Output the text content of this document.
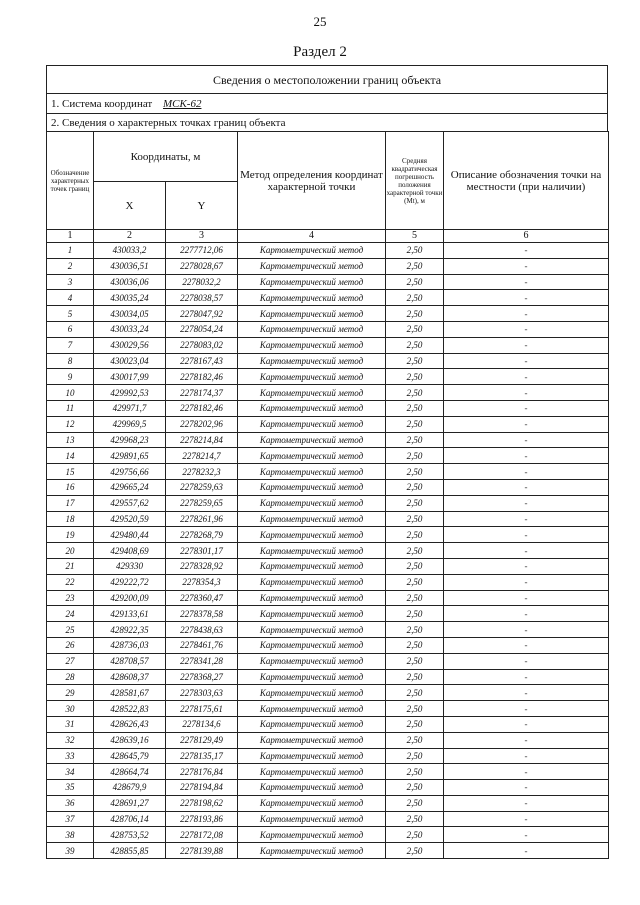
25
Раздел 2
Сведения о местоположении границ объекта
1. Система координат МСК-62
2. Сведения о характерных точках границ объекта
Обозначение характерных точек границ	Координаты, м		Метод определения координат характерной точки	Средняя квадратическая погрешность положения характерной точки (Mt), м	Описание обозначения точки на местности (при наличии)
	X	Y			
1	2	3	4	5	6
1	430033,2	2277712,06	Картометрический метод	2,50	-
2	430036,51	2278028,67	Картометрический метод	2,50	-
3	430036,06	2278032,2	Картометрический метод	2,50	-
4	430035,24	2278038,57	Картометрический метод	2,50	-
5	430034,05	2278047,92	Картометрический метод	2,50	-
6	430033,24	2278054,24	Картометрический метод	2,50	-
7	430029,56	2278083,02	Картометрический метод	2,50	-
8	430023,04	2278167,43	Картометрический метод	2,50	-
9	430017,99	2278182,46	Картометрический метод	2,50	-
10	429992,53	2278174,37	Картометрический метод	2,50	-
11	429971,7	2278182,46	Картометрический метод	2,50	-
12	429969,5	2278202,96	Картометрический метод	2,50	-
13	429968,23	2278214,84	Картометрический метод	2,50	-
14	429891,65	2278214,7	Картометрический метод	2,50	-
15	429756,66	2278232,3	Картометрический метод	2,50	-
16	429665,24	2278259,63	Картометрический метод	2,50	-
17	429557,62	2278259,65	Картометрический метод	2,50	-
18	429520,59	2278261,96	Картометрический метод	2,50	-
19	429480,44	2278268,79	Картометрический метод	2,50	-
20	429408,69	2278301,17	Картометрический метод	2,50	-
21	429330	2278328,92	Картометрический метод	2,50	-
22	429222,72	2278354,3	Картометрический метод	2,50	-
23	429200,09	2278360,47	Картометрический метод	2,50	-
24	429133,61	2278378,58	Картометрический метод	2,50	-
25	428922,35	2278438,63	Картометрический метод	2,50	-
26	428736,03	2278461,76	Картометрический метод	2,50	-
27	428708,57	2278341,28	Картометрический метод	2,50	-
28	428608,37	2278368,27	Картометрический метод	2,50	-
29	428581,67	2278303,63	Картометрический метод	2,50	-
30	428522,83	2278175,61	Картометрический метод	2,50	-
31	428626,43	2278134,6	Картометрический метод	2,50	-
32	428639,16	2278129,49	Картометрический метод	2,50	-
33	428645,79	2278135,17	Картометрический метод	2,50	-
34	428664,74	2278176,84	Картометрический метод	2,50	-
35	428679,9	2278194,84	Картометрический метод	2,50	-
36	428691,27	2278198,62	Картометрический метод	2,50	-
37	428706,14	2278193,86	Картометрический метод	2,50	-
38	428753,52	2278172,08	Картометрический метод	2,50	-
39	428855,85	2278139,88	Картометрический метод	2,50	-
